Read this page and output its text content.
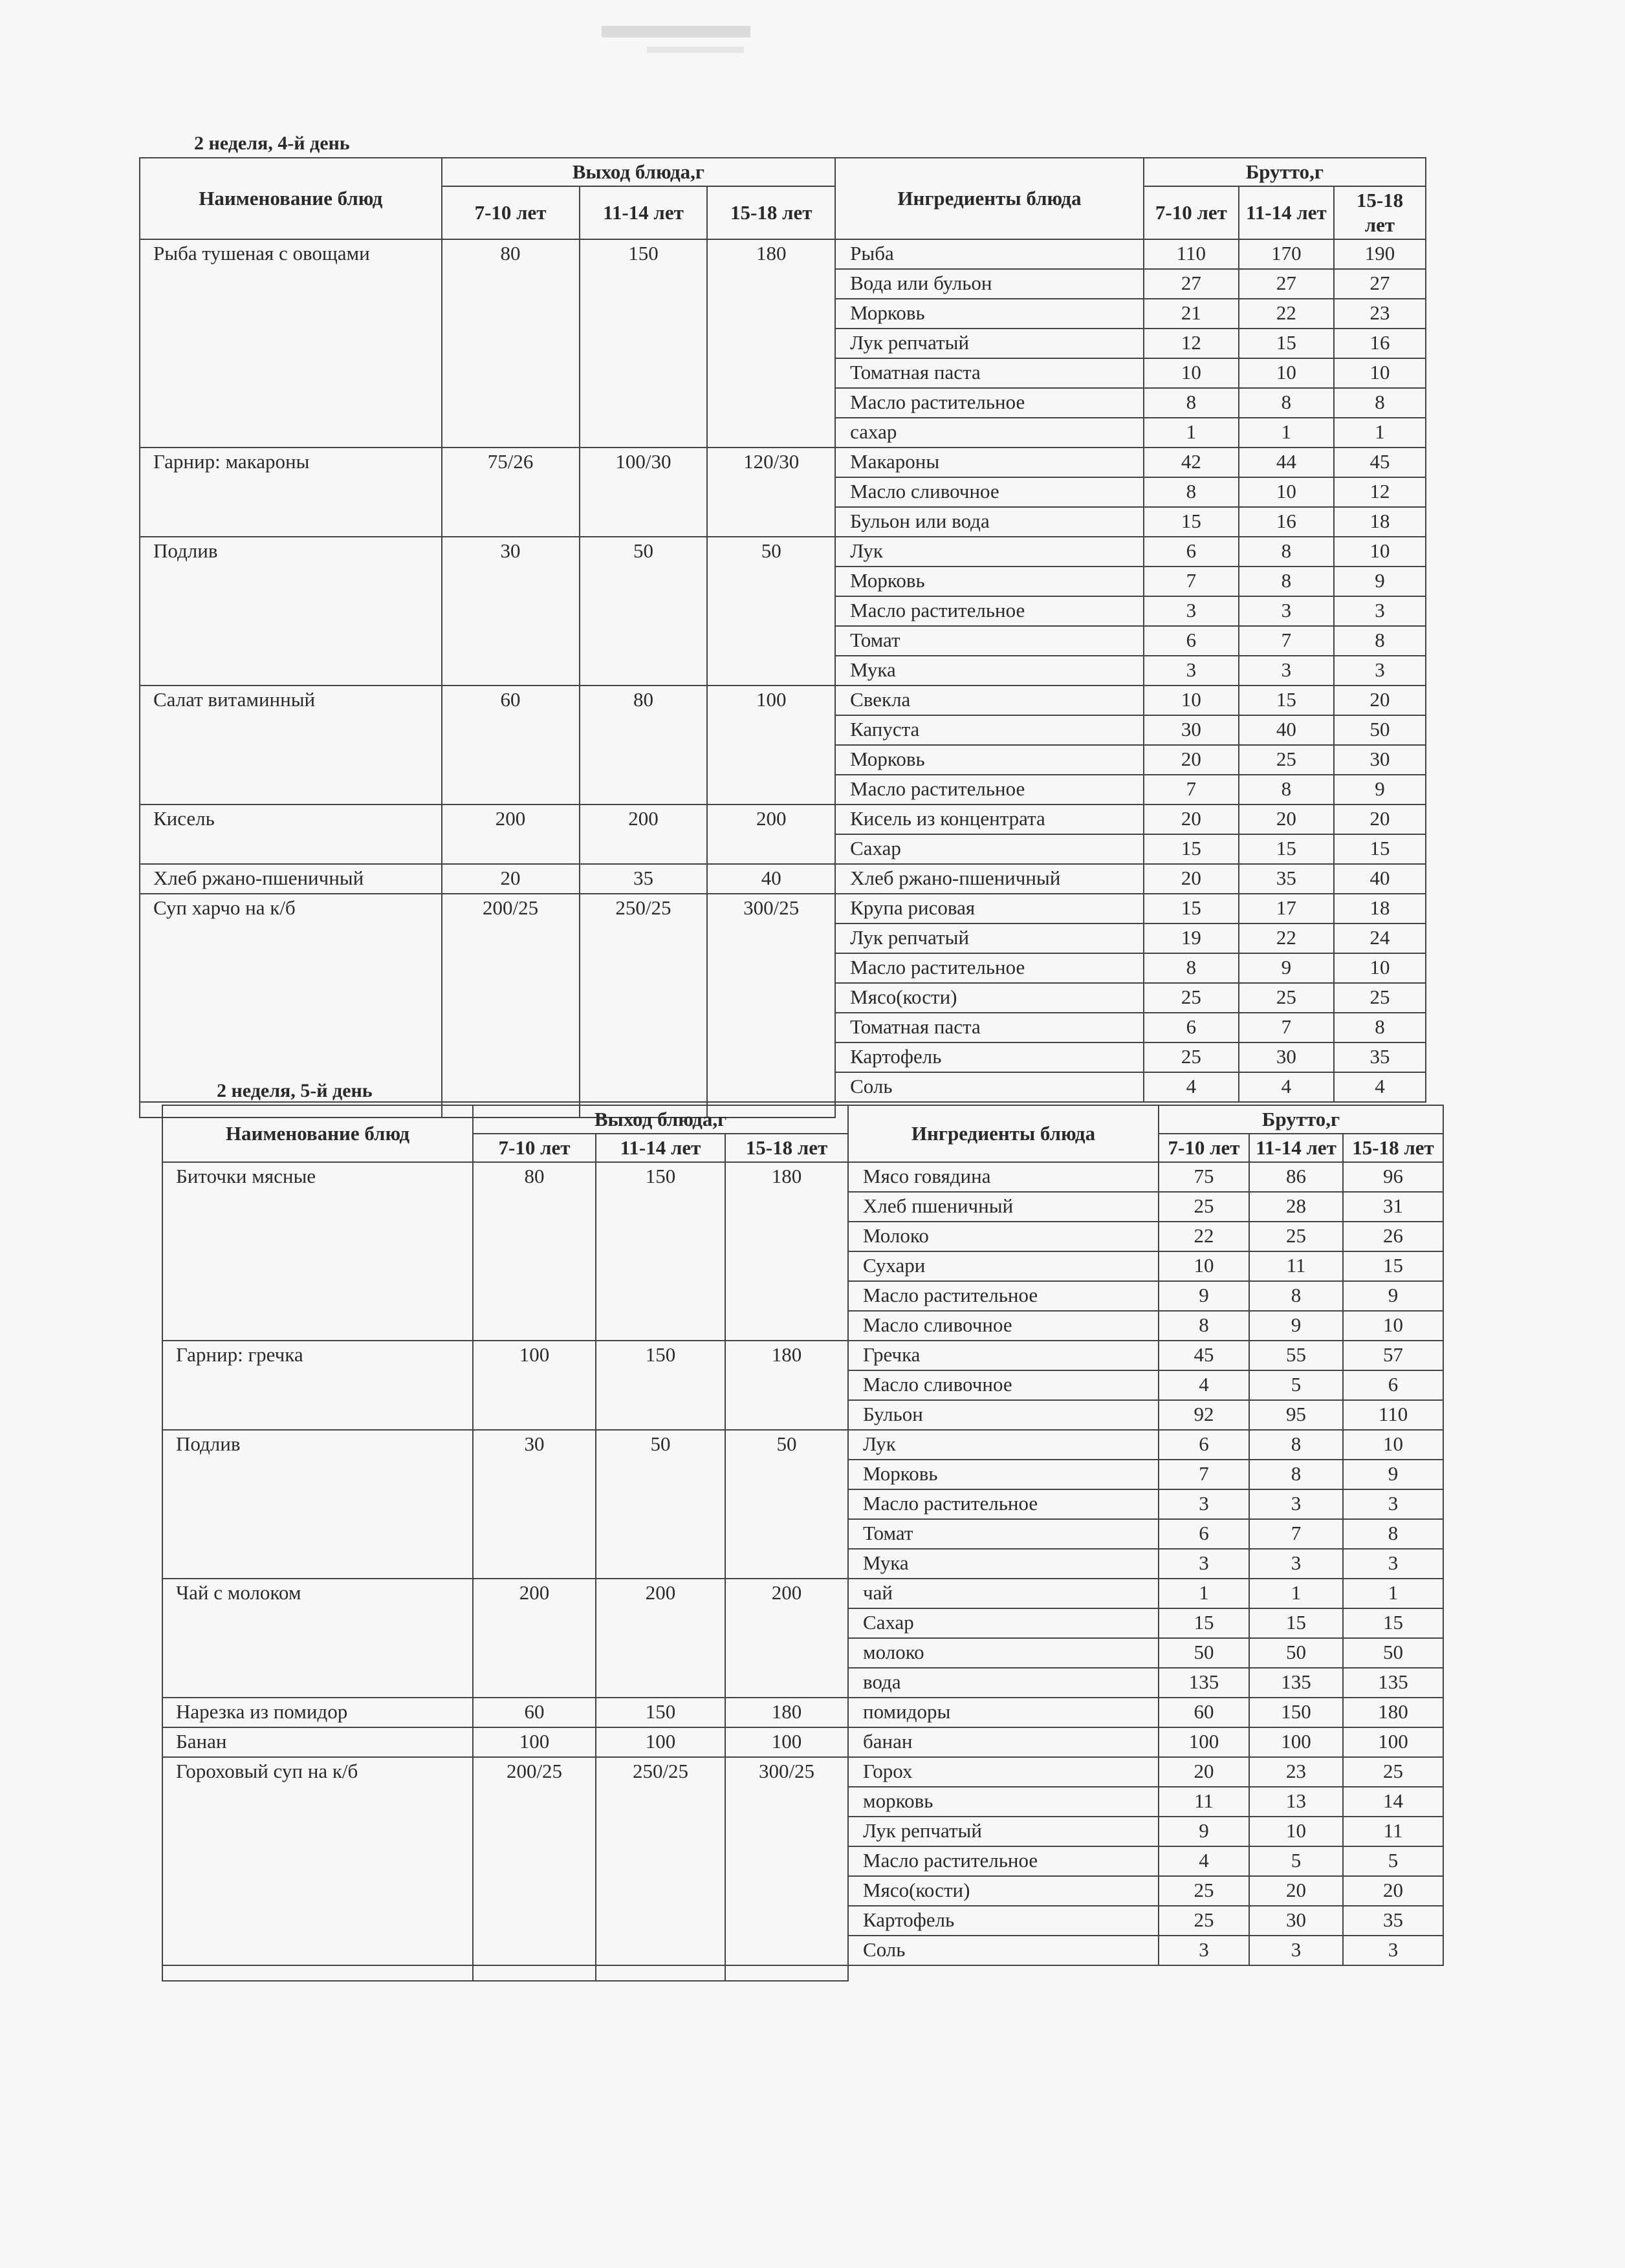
2 неделя, 4-й день
Наименование блюд	Выход блюда,г			Ингредиенты блюда	Брутто,г		
	7-10 лет	11-14 лет	15-18 лет		7-10 лет	11-14 лет	15-18 лет
Рыба тушеная с овощами	80	150	180	Рыба	110	170	190
				Вода или бульон	27	27	27
				Морковь	21	22	23
				Лук репчатый	12	15	16
				Томатная паста	10	10	10
				Масло растительное	8	8	8
				сахар	1	1	1
Гарнир: макароны	75/26	100/30	120/30	Макароны	42	44	45
				Масло сливочное	8	10	12
				Бульон или вода	15	16	18
Подлив	30	50	50	Лук	6	8	10
				Морковь	7	8	9
				Масло растительное	3	3	3
				Томат	6	7	8
				Мука	3	3	3
Салат витаминный	60	80	100	Свекла	10	15	20
				Капуста	30	40	50
				Морковь	20	25	30
				Масло растительное	7	8	9
Кисель	200	200	200	Кисель из концентрата	20	20	20
				Сахар	15	15	15
Хлеб ржано-пшеничный	20	35	40	Хлеб ржано-пшеничный	20	35	40
Суп харчо на к/б	200/25	250/25	300/25	Крупа рисовая	15	17	18
				Лук репчатый	19	22	24
				Масло растительное	8	9	10
				Мясо(кости)	25	25	25
				Томатная паста	6	7	8
				Картофель	25	30	35
				Соль	4	4	4

2 неделя, 5-й день
Наименование блюд	Выход блюда,г			Ингредиенты блюда	Брутто,г		
	7-10 лет	11-14 лет	15-18 лет		7-10 лет	11-14 лет	15-18 лет
Биточки мясные	80	150	180	Мясо говядина	75	86	96
				Хлеб пшеничный	25	28	31
				Молоко	22	25	26
				Сухари	10	11	15
				Масло растительное	9	8	9
				Масло сливочное	8	9	10
Гарнир: гречка	100	150	180	Гречка	45	55	57
				Масло сливочное	4	5	6
				Бульон	92	95	110
Подлив	30	50	50	Лук	6	8	10
				Морковь	7	8	9
				Масло растительное	3	3	3
				Томат	6	7	8
				Мука	3	3	3
Чай с молоком	200	200	200	чай	1	1	1
				Сахар	15	15	15
				молоко	50	50	50
				вода	135	135	135
Нарезка из помидор	60	150	180	помидоры	60	150	180
Банан	100	100	100	банан	100	100	100
Гороховый суп на к/б	200/25	250/25	300/25	Горох	20	23	25
				морковь	11	13	14
				Лук репчатый	9	10	11
				Масло растительное	4	5	5
				Мясо(кости)	25	20	20
				Картофель	25	30	35
				Соль	3	3	3
